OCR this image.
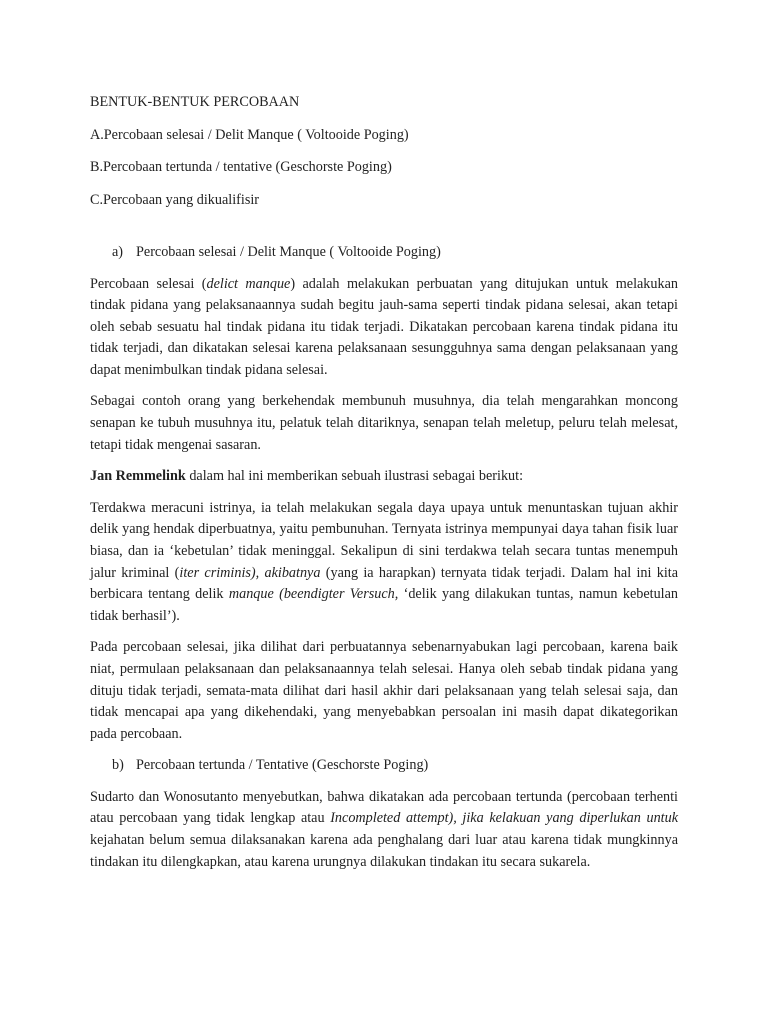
BENTUK-BENTUK PERCOBAAN

A.Percobaan selesai / Delit Manque ( Voltooide Poging)

B.Percobaan tertunda / tentative (Geschorste Poging)

C.Percobaan yang dikualifisir

a) Percobaan selesai / Delit Manque ( Voltooide Poging)

Percobaan selesai (delict manque) adalah melakukan perbuatan yang ditujukan untuk melakukan tindak pidana yang pelaksanaannya sudah begitu jauh-sama seperti tindak pidana selesai, akan tetapi oleh sebab sesuatu hal tindak pidana itu tidak terjadi. Dikatakan percobaan karena tindak pidana itu tidak terjadi, dan dikatakan selesai karena pelaksanaan sesungguhnya sama dengan pelaksanaan yang dapat menimbulkan tindak pidana selesai.

Sebagai contoh orang yang berkehendak membunuh musuhnya, dia telah mengarahkan moncong senapan ke tubuh musuhnya itu, pelatuk telah ditariknya, senapan telah meletup, peluru telah melesat, tetapi tidak mengenai sasaran.

Jan Remmelink dalam hal ini memberikan sebuah ilustrasi sebagai berikut:

Terdakwa meracuni istrinya, ia telah melakukan segala daya upaya untuk menuntaskan tujuan akhir delik yang hendak diperbuatnya, yaitu pembunuhan. Ternyata istrinya mempunyai daya tahan fisik luar biasa, dan ia ‘kebetulan’ tidak meninggal. Sekalipun di sini terdakwa telah secara tuntas menempuh jalur kriminal (iter criminis), akibatnya (yang ia harapkan) ternyata tidak terjadi. Dalam hal ini kita berbicara tentang delik manque (beendigter Versuch, ‘delik yang dilakukan tuntas, namun kebetulan tidak berhasil’).

Pada percobaan selesai, jika dilihat dari perbuatannya sebenarnyabukan lagi percobaan, karena baik niat, permulaan pelaksanaan dan pelaksanaannya telah selesai. Hanya oleh sebab tindak pidana yang dituju tidak terjadi, semata-mata dilihat dari hasil akhir dari pelaksanaan yang telah selesai saja, dan tidak mencapai apa yang dikehendaki, yang menyebabkan persoalan ini masih dapat dikategorikan pada percobaan.

b) Percobaan tertunda / Tentative (Geschorste Poging)

Sudarto dan Wonosutanto menyebutkan, bahwa dikatakan ada percobaan tertunda (percobaan terhenti atau percobaan yang tidak lengkap atau Incompleted attempt), jika kelakuan yang diperlukan untuk kejahatan belum semua dilaksanakan karena ada penghalang dari luar atau karena tidak mungkinnya tindakan itu dilengkapkan, atau karena urungnya dilakukan tindakan itu secara sukarela.
